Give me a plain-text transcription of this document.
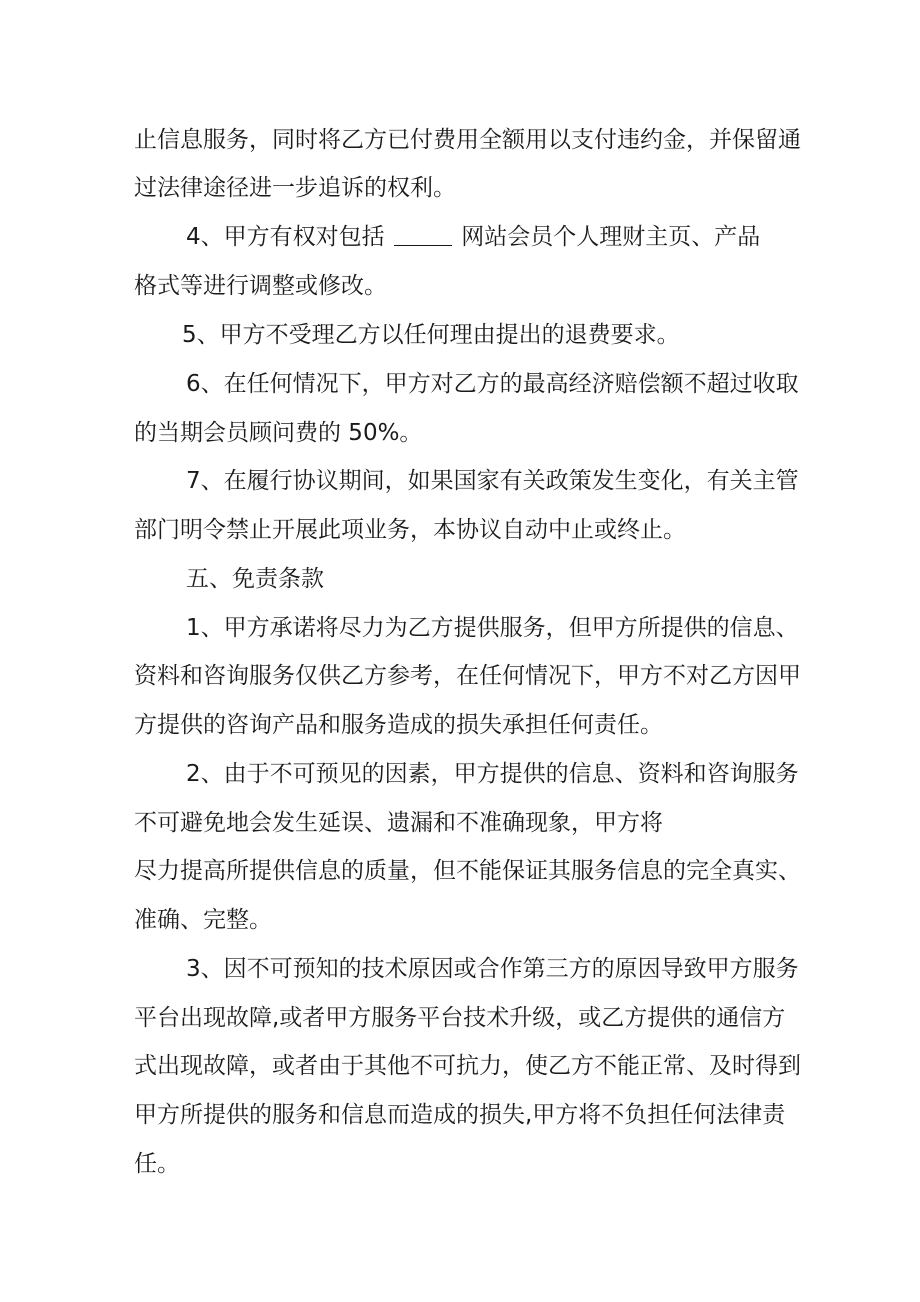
止信息服务，同时将乙方已付费用全额用以支付违约金，并保留通
过法律途径进一步追诉的权利。
4、甲方有权对包括	网站会员个人理财主页、产品
格式等进行调整或修改。
5、甲方不受理乙方以任何理由提出的退费要求。
6、在任何情况下，甲方对乙方的最高经济赔偿额不超过收取
的当期会员顾问费的 50%。
7、在履行协议期间，如果国家有关政策发生变化，有关主管
部门明令禁止开展此项业务，本协议自动中止或终止。
五、免责条款
1、甲方承诺将尽力为乙方提供服务，但甲方所提供的信息、
资料和咨询服务仅供乙方参考，在任何情况下，甲方不对乙方因甲
方提供的咨询产品和服务造成的损失承担任何责任。
2、由于不可预见的因素，甲方提供的信息、资料和咨询服务
不可避免地会发生延误、遗漏和不准确现象，甲方将
尽力提高所提供信息的质量，但不能保证其服务信息的完全真实、
准确、完整。
3、因不可预知的技术原因或合作第三方的原因导致甲方服务
平台出现故障,或者甲方服务平台技术升级，或乙方提供的通信方
式出现故障，或者由于其他不可抗力，使乙方不能正常、及时得到
甲方所提供的服务和信息而造成的损失,甲方将不负担任何法律责
任。
